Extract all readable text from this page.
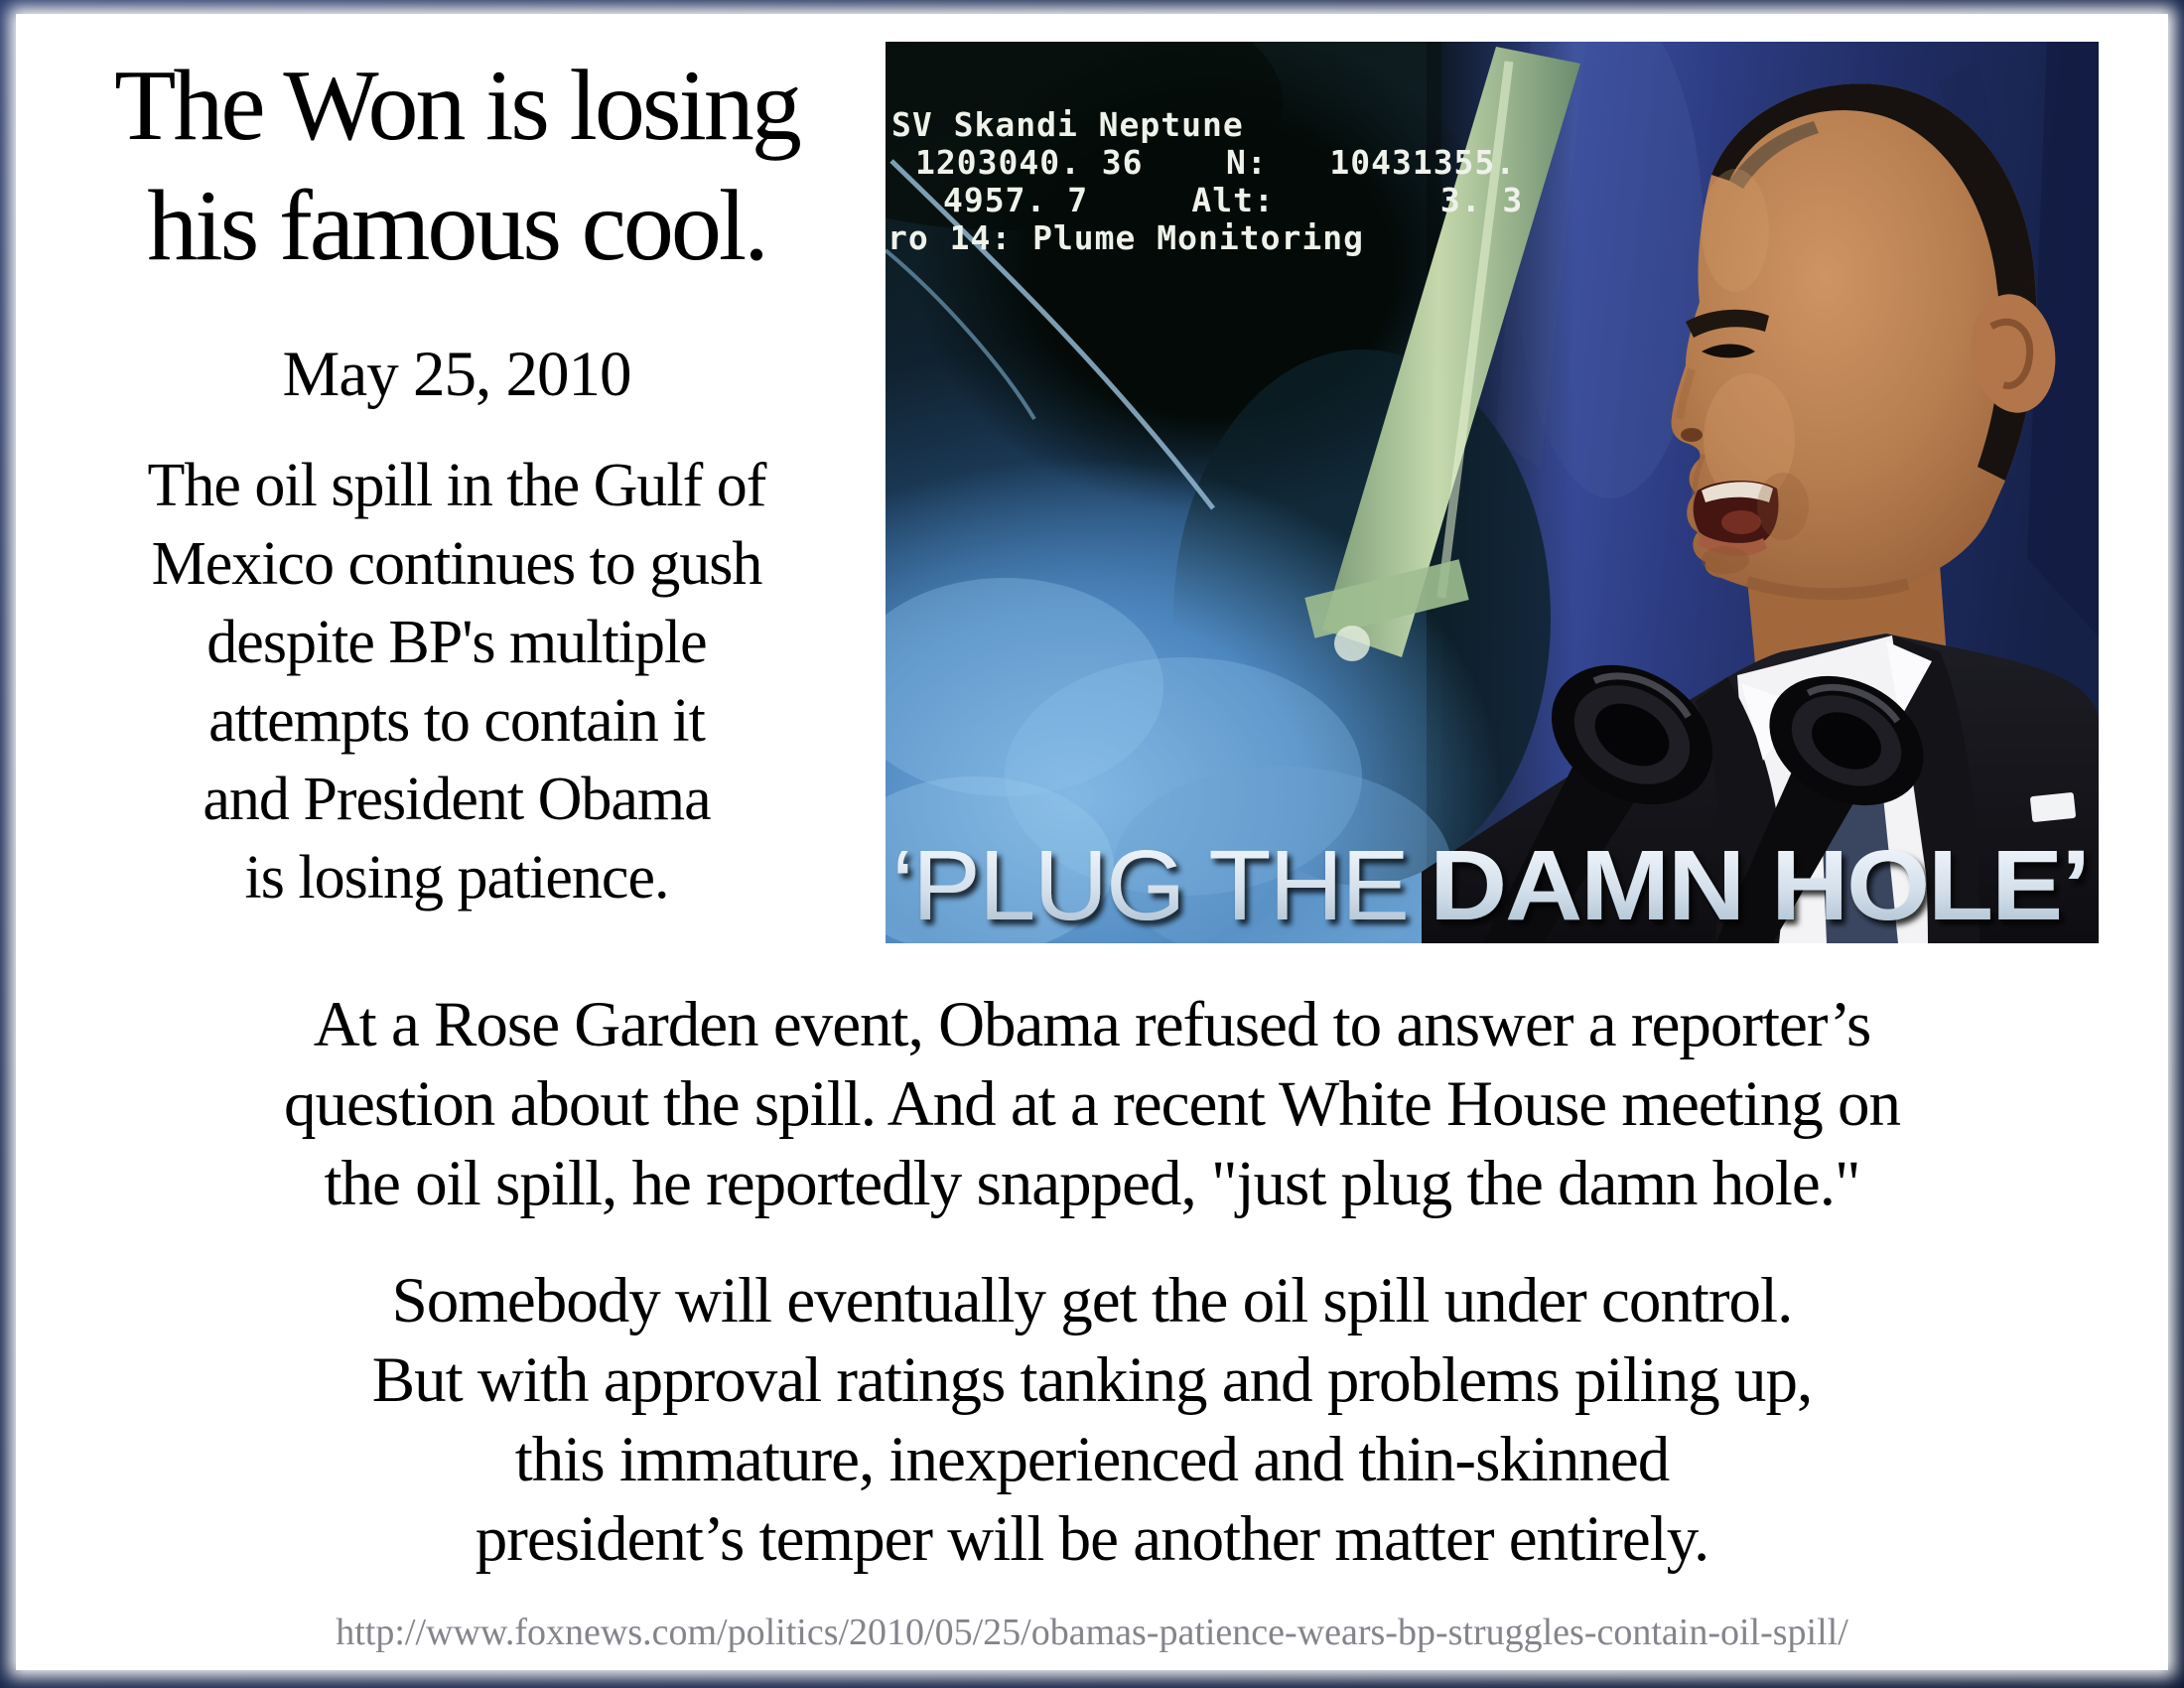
The Won is losing
his famous cool.
May 25, 2010
The oil spill in the Gulf of
Mexico continues to gush
despite BP's multiple
attempts to contain it
and President Obama
is losing patience.
SV Skandi Neptune
1203040. 36    N:   10431355.
4957. 7     Alt:        3. 3
ro 14: Plume Monitoring
‘PLUG THE DAMN HOLE’
At a Rose Garden event, Obama refused to answer a reporter’s
question about the spill. And at a recent White House meeting on
the oil spill, he reportedly snapped, "just plug the damn hole."
Somebody will eventually get the oil spill under control.
But with approval ratings tanking and problems piling up,
this immature, inexperienced and thin-skinned
president’s temper will be another matter entirely.
http://www.foxnews.com/politics/2010/05/25/obamas-patience-wears-bp-struggles-contain-oil-spill/
